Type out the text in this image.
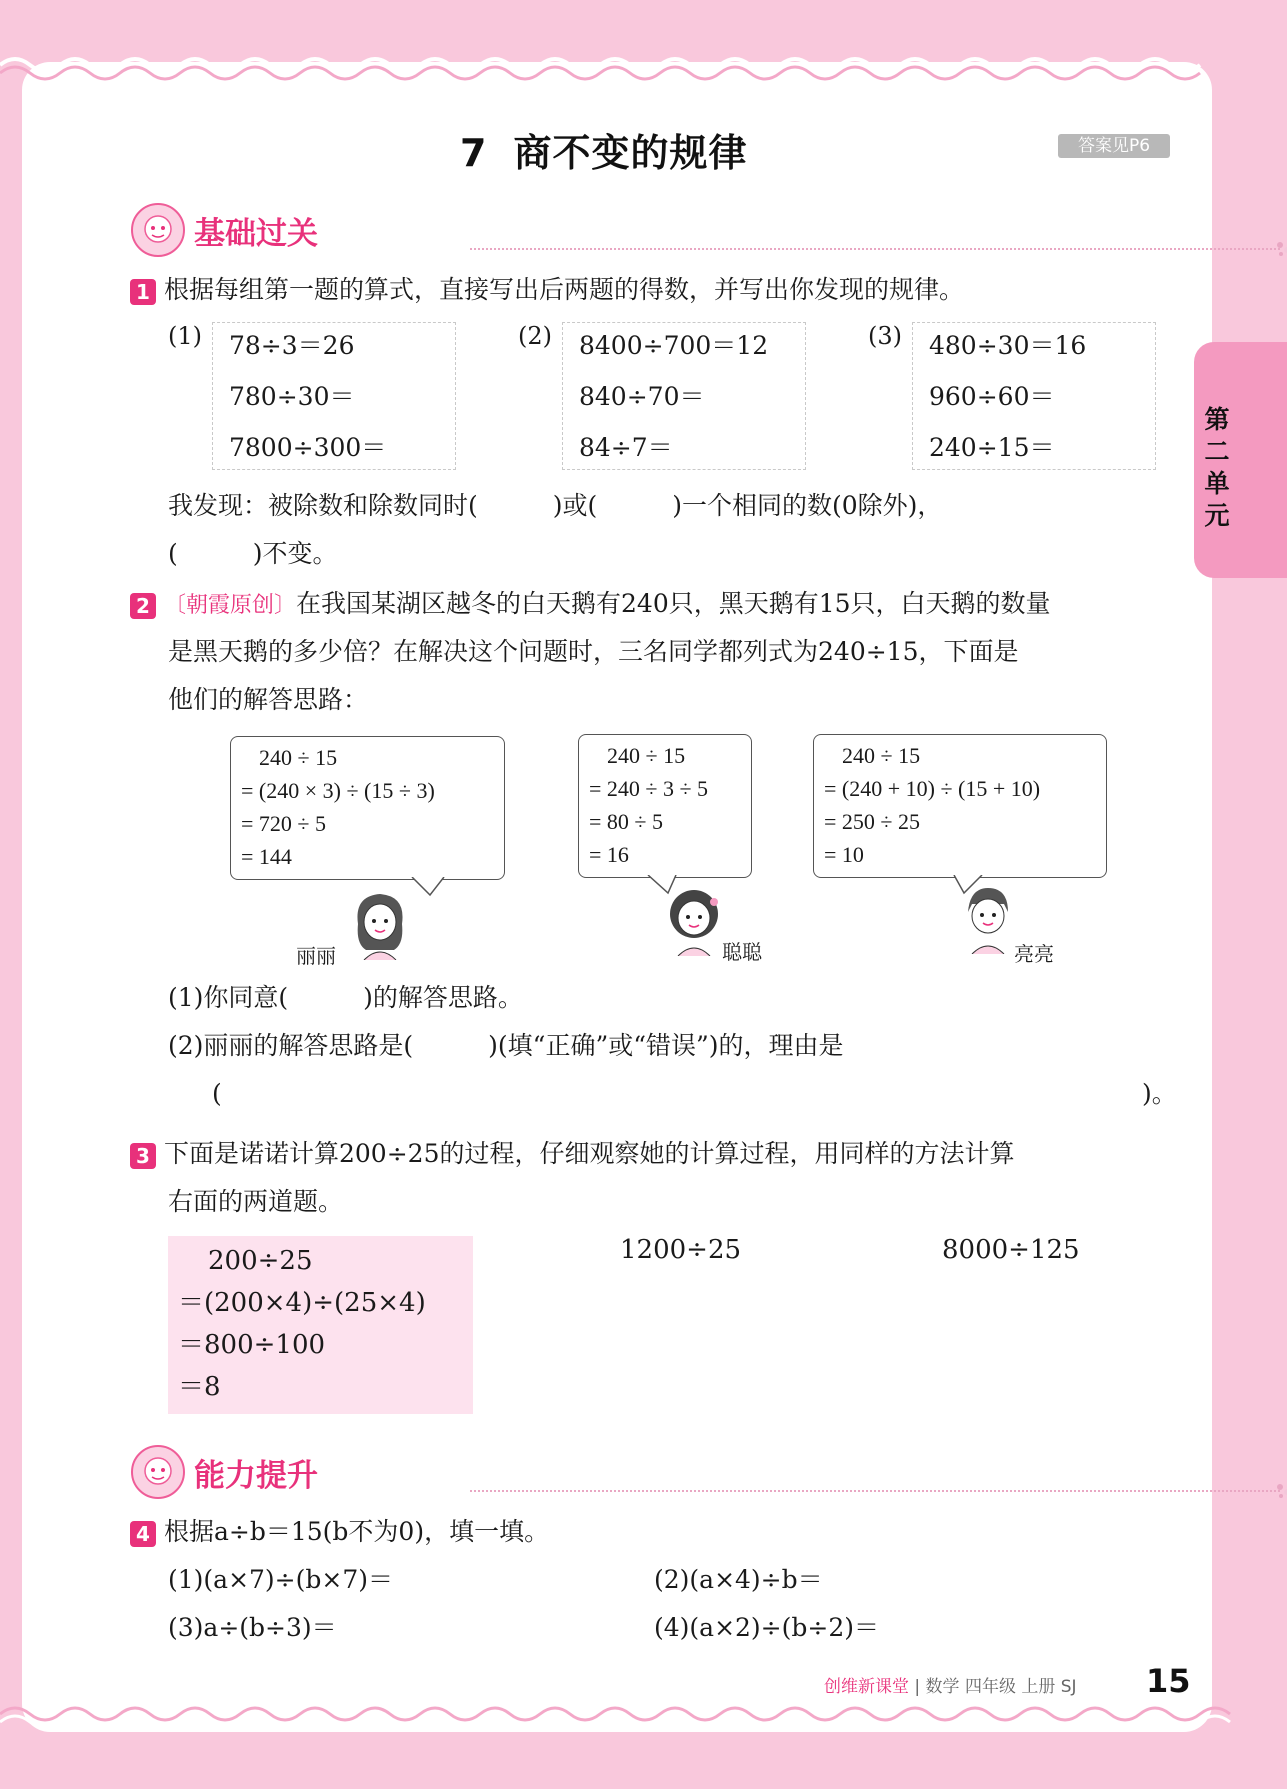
第二单元
7 商不变的规律	答案见P6
基础过关
1 根据每组第一题的算式，直接写出后两题的得数，并写出你发现的规律。
(1)	78÷3＝26
780÷30＝
7800÷300＝
(2)	8400÷700＝12
840÷70＝
84÷7＝
(3)	480÷30＝16
960÷60＝
240÷15＝
我发现：被除数和除数同时(　　　)或(　　　)一个相同的数(0除外)，
(　　　)不变。
2 〔朝霞原创〕在我国某湖区越冬的白天鹅有240只，黑天鹅有15只，白天鹅的数量
是黑天鹅的多少倍？在解决这个问题时，三名同学都列式为240÷15，下面是
他们的解答思路：
240 ÷ 15
= (240 × 3) ÷ (15 ÷ 3)
= 720 ÷ 5
= 144
240 ÷ 15
= 240 ÷ 3 ÷ 5
= 80 ÷ 5
= 16
240 ÷ 15
= (240 + 10) ÷ (15 + 10)
= 250 ÷ 25
= 10
丽丽	聪聪	亮亮
(1)你同意(　　　)的解答思路。
(2)丽丽的解答思路是(　　　)(填“正确”或“错误”)的，理由是
(	)。
3 下面是诺诺计算200÷25的过程，仔细观察她的计算过程，用同样的方法计算
右面的两道题。
200÷25
＝(200×4)÷(25×4)
＝800÷100
＝8
1200÷25	8000÷125
能力提升
4 根据a÷b＝15(b不为0)，填一填。
(1)(a×7)÷(b×7)＝	(2)(a×4)÷b＝
(3)a÷(b÷3)＝	(4)(a×2)÷(b÷2)＝
创维新课堂 | 数学 四年级 上册 SJ 15
